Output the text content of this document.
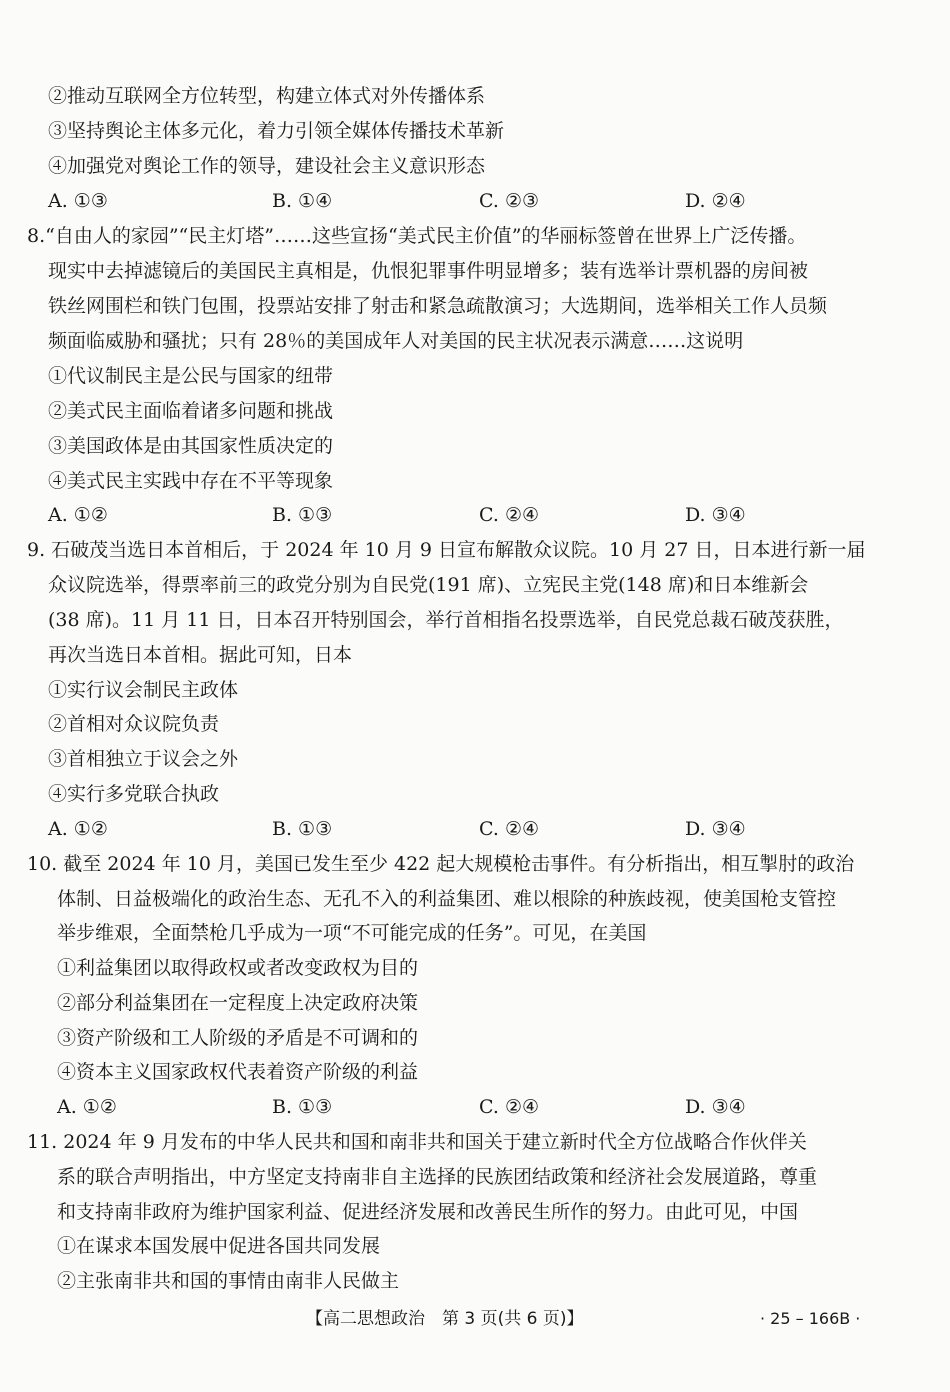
②推动互联网全方位转型，构建立体式对外传播体系
③坚持舆论主体多元化，着力引领全媒体传播技术革新
④加强党对舆论工作的领导，建设社会主义意识形态
A. ①③	B. ①④	C. ②③	D. ②④
8.“自由人的家园”“民主灯塔”……这些宣扬“美式民主价值”的华丽标签曾在世界上广泛传播。
现实中去掉滤镜后的美国民主真相是，仇恨犯罪事件明显增多；装有选举计票机器的房间被
铁丝网围栏和铁门包围，投票站安排了射击和紧急疏散演习；大选期间，选举相关工作人员频
频面临威胁和骚扰；只有 28％的美国成年人对美国的民主状况表示满意……这说明
①代议制民主是公民与国家的纽带
②美式民主面临着诸多问题和挑战
③美国政体是由其国家性质决定的
④美式民主实践中存在不平等现象
A. ①②	B. ①③	C. ②④	D. ③④
9. 石破茂当选日本首相后，于 2024 年 10 月 9 日宣布解散众议院。10 月 27 日，日本进行新一届
众议院选举，得票率前三的政党分别为自民党(191 席)、立宪民主党(148 席)和日本维新会
(38 席)。11 月 11 日，日本召开特别国会，举行首相指名投票选举，自民党总裁石破茂获胜，
再次当选日本首相。据此可知，日本
①实行议会制民主政体
②首相对众议院负责
③首相独立于议会之外
④实行多党联合执政
A. ①②	B. ①③	C. ②④	D. ③④
10. 截至 2024 年 10 月，美国已发生至少 422 起大规模枪击事件。有分析指出，相互掣肘的政治
体制、日益极端化的政治生态、无孔不入的利益集团、难以根除的种族歧视，使美国枪支管控
举步维艰，全面禁枪几乎成为一项“不可能完成的任务”。可见，在美国
①利益集团以取得政权或者改变政权为目的
②部分利益集团在一定程度上决定政府决策
③资产阶级和工人阶级的矛盾是不可调和的
④资本主义国家政权代表着资产阶级的利益
A. ①②	B. ①③	C. ②④	D. ③④
11. 2024 年 9 月发布的中华人民共和国和南非共和国关于建立新时代全方位战略合作伙伴关
系的联合声明指出，中方坚定支持南非自主选择的民族团结政策和经济社会发展道路，尊重
和支持南非政府为维护国家利益、促进经济发展和改善民生所作的努力。由此可见，中国
①在谋求本国发展中促进各国共同发展
②主张南非共和国的事情由南非人民做主
【高二思想政治　第 3 页(共 6 页)】	· 25 – 166B ·
